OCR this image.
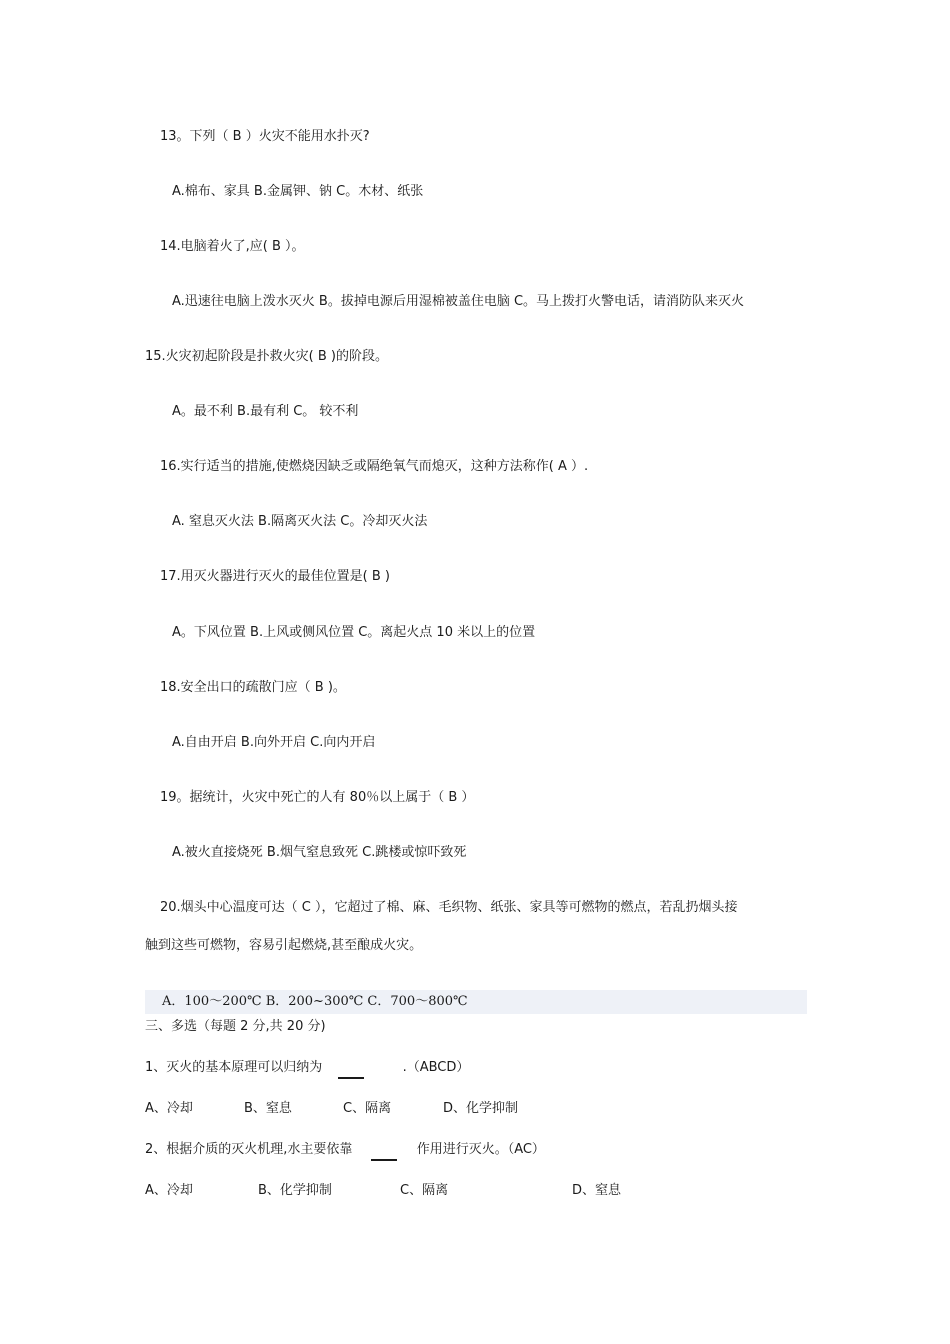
13。下列（ B ）火灾不能用水扑灭?
A.棉布、家具 B.金属钾、钠 C。木材、纸张
14.电脑着火了,应( B ）。
A.迅速往电脑上泼水灭火 B。拔掉电源后用湿棉被盖住电脑 C。马上拨打火警电话，请消防队来灭火
15.火灾初起阶段是扑救火灾( B )的阶段。
A。最不利 B.最有利 C。 较不利
16.实行适当的措施,使燃烧因缺乏或隔绝氧气而熄灭，这种方法称作( A ）.
A. 窒息灭火法 B.隔离灭火法 C。冷却灭火法
17.用灭火器进行灭火的最佳位置是( B )
A。下风位置 B.上风或侧风位置 C。离起火点 10 米以上的位置
18.安全出口的疏散门应（ B )。
A.自由开启 B.向外开启 C.向内开启
19。据统计，火灾中死亡的人有 80％以上属于（ B ）
A.被火直接烧死 B.烟气窒息致死 C.跳楼或惊吓致死
20.烟头中心温度可达（ C ），它超过了棉、麻、毛织物、纸张、家具等可燃物的燃点，若乱扔烟头接
触到这些可燃物，容易引起燃烧,甚至酿成火灾。
A．100～200℃ B．200~300℃ C．700～800℃
三、多选（每题 2 分,共 20 分)
1、灭火的基本原理可以归纳为	.（ABCD）
A、冷却	B、窒息	C、隔离	D、化学抑制
2、根据介质的灭火机理,水主要依靠	作用进行灭火。（AC）
A、冷却	B、化学抑制	C、隔离	D、窒息
